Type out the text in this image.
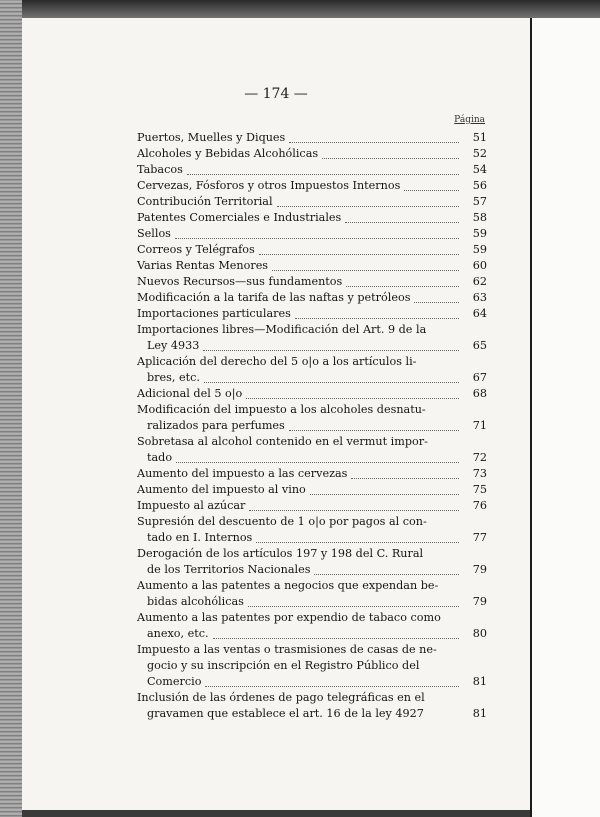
— 174 —
Página
Puertos, Muelles y Diques	51
Alcoholes y Bebidas Alcohólicas	52
Tabacos	54
Cervezas, Fósforos y otros Impuestos Internos	56
Contribución Territorial	57
Patentes Comerciales e Industriales	58
Sellos	59
Correos y Telégrafos	59
Varias Rentas Menores	60
Nuevos Recursos—sus fundamentos	62
Modificación a la tarifa de las naftas y petróleos	63
Importaciones particulares	64
Importaciones libres—Modificación del Art. 9 de la
Ley 4933	65
Aplicación del derecho del 5 o|o a los artículos li-
bres, etc.	67
Adicional del 5 o|o	68
Modificación del impuesto a los alcoholes desnatu-
ralizados para perfumes	71
Sobretasa al alcohol contenido en el vermut impor-
tado	72
Aumento del impuesto a las cervezas	73
Aumento del impuesto al vino	75
Impuesto al azúcar	76
Supresión del descuento de 1 o|o por pagos al con-
tado en I. Internos	77
Derogación de los artículos 197 y 198 del C. Rural
de los Territorios Nacionales	79
Aumento a las patentes a negocios que expendan be-
bidas alcohólicas	79
Aumento a las patentes por expendio de tabaco como
anexo, etc.	80
Impuesto a las ventas o trasmisiones de casas de ne-
gocio y su inscripción en el Registro Público del
Comercio	81
Inclusión de las órdenes de pago telegráficas en el
gravamen que establece el art. 16 de la ley 4927	81
